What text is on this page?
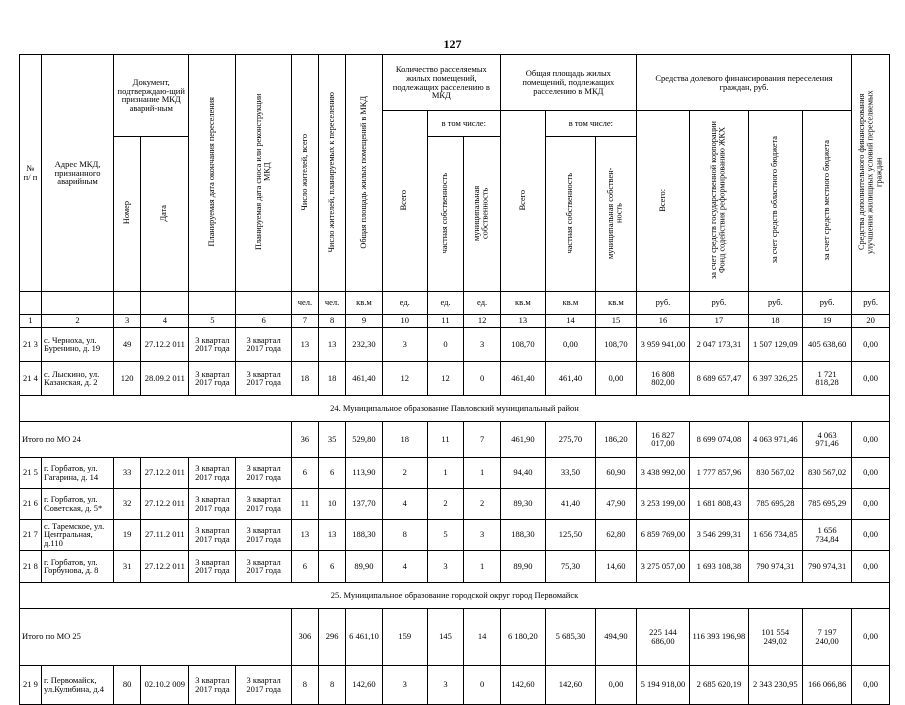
127
№ п/ п	Адрес МКД, признанного аварийным	Документ, подтверждаю-щий признание МКД аварий-ным		Планируемая дата окончания переселения	Планируемая дата сноса или реконструкции МКД	Число жителей, всего	Число жителей, планируемых к переселению	Общая площадь жилых помещений в МКД	Количество расселяемых жилых помещений, подлежащих расселению в МКД			Общая площадь жилых помещений, подлежащих расселению в МКД			Средства долевого финансирования переселения граждан, руб.				Средства дополнительного финансирования улучшения жилищных условий переселяемых граждан
									Всего	в том числе:		Всего	в том числе:		Всего:	за счет средств государственной корпорации Фонд содействия реформированию ЖКХ	за счет средств областного бюджета	за счет средств местного бюджета	
		Номер	Дата							частная собственность	муниципальная собственность		частная собственность	муниципальная собствен-ность					
						чел.	чел.	кв.м	ед.	ед.	ед.	кв.м	кв.м	кв.м	руб.	руб.	руб.	руб.	руб.
1	2	3	4	5	6	7	8	9	10	11	12	13	14	15	16	17	18	19	20
21 3	с. Черноха, ул. Буренино, д. 19	49	27.12.2 011	3 квартал 2017 года	3 квартал 2017 года	13	13	232,30	3	0	3	108,70	0,00	108,70	3 959 941,00	2 047 173,31	1 507 129,09	405 638,60	0,00
21 4	с. Лыскино, ул. Казанская, д. 2	120	28.09.2 011	3 квартал 2017 года	3 квартал 2017 года	18	18	461,40	12	12	0	461,40	461,40	0,00	16 808 802,00	8 689 657,47	6 397 326,25	1 721 818,28	0,00
24. Муниципальное образование Павловский муниципальный район																			
Итого по МО 24						36	35	529,80	18	11	7	461,90	275,70	186,20	16 827 017,00	8 699 074,08	4 063 971,46	4 063 971,46	0,00
21 5	г. Горбатов, ул. Гагарина, д. 14	33	27.12.2 011	3 квартал 2017 года	3 квартал 2017 года	6	6	113,90	2	1	1	94,40	33,50	60,90	3 438 992,00	1 777 857,96	830 567,02	830 567,02	0,00
21 6	г. Горбатов, ул. Советская, д. 5*	32	27.12.2 011	3 квартал 2017 года	3 квартал 2017 года	11	10	137,70	4	2	2	89,30	41,40	47,90	3 253 199,00	1 681 808,43	785 695,28	785 695,29	0,00
21 7	с. Таремское, ул. Центральная, д.110	19	27.11.2 011	3 квартал 2017 года	3 квартал 2017 года	13	13	188,30	8	5	3	188,30	125,50	62,80	6 859 769,00	3 546 299,31	1 656 734,85	1 656 734,84	0,00
21 8	г. Горбатов, ул. Горбунова, д. 8	31	27.12.2 011	3 квартал 2017 года	3 квартал 2017 года	6	6	89,90	4	3	1	89,90	75,30	14,60	3 275 057,00	1 693 108,38	790 974,31	790 974,31	0,00
25. Муниципальное образование городской округ город Первомайск																			
Итого по МО 25						306	296	6 461,10	159	145	14	6 180,20	5 685,30	494,90	225 144 686,00	116 393 196,98	101 554 249,02	7 197 240,00	0,00
21 9	г. Первомайск, ул.Кулибина, д.4	80	02.10.2 009	3 квартал 2017 года	3 квартал 2017 года	8	8	142,60	3	3	0	142,60	142,60	0,00	5 194 918,00	2 685 620,19	2 343 230,95	166 066,86	0,00
